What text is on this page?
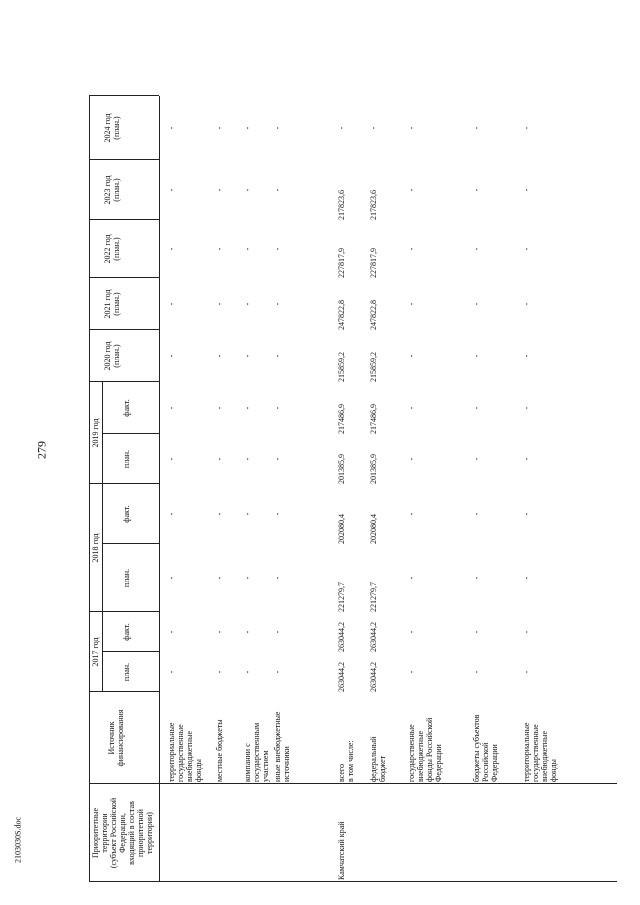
279
2103030S.doc	Приоритетные территории (субъект Российской Федерации, входящий в состав приоритетной территории)
Источник финансирования
2017 год
2018 год
2019 год
план.
факт.
план.
факт.
план.
факт.
2020 год (план.)
2021 год (план.)
2022 год (план.)
2023 год (план.)
2024 год (план.)
территориальные государственные внебюджетные фонды
-
-
-
-
-
-
-
-
-
-
-
местные бюджеты
-
-
-
-
-
-
-
-
-
-
-
компании с государственным участием
-
-
-
-
-
-
-
-
-
-
-
иные внебюджетные источники
-
-
-
-
-
-
-
-
-
-
-
Камчатский край
всего в том числе:
263044,2
263044,2
221279,7
202080,4
201385,9
217486,9
215859,2
247822,8
227817,9
217823,6
-
федеральный бюджет
263044,2
263044,2
221279,7
202080,4
201385,9
217486,9
215859,2
247822,8
227817,9
217823,6
-
государственные внебюджетные фонды Российской Федерации
-
-
-
-
-
-
-
-
-
-
-
бюджеты субъектов Российской Федерации
-
-
-
-
-
-
-
-
-
-
-
территориальные государственные внебюджетные фонды
-
-
-
-
-
-
-
-
-
-
-
